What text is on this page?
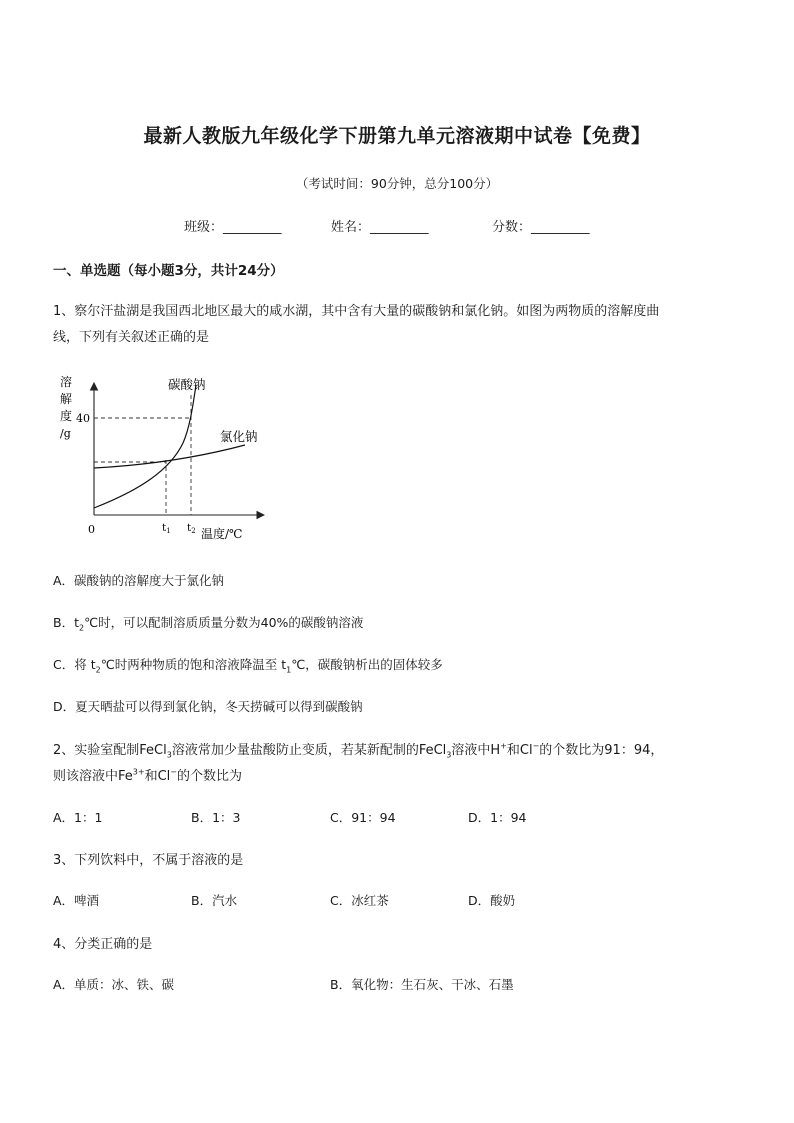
最新人教版九年级化学下册第九单元溶液期中试卷【免费】
（考试时间：90分钟，总分100分）
班级：_________	姓名：_________	分数：_________
一、单选题（每小题3分，共计24分）
1、察尔汗盐湖是我国西北地区最大的咸水湖，其中含有大量的碳酸钠和氯化钠。如图为两物质的溶解度曲
线，下列有关叙述正确的是
溶
解
度
/g
40
碳酸钠
氯化钠
0	t1 t2 温度/℃
A．碳酸钠的溶解度大于氯化钠
B．$t_2℃$时，可以配制溶质质量分数为40%的碳酸钠溶液
C．将 $t_2℃$时两种物质的饱和溶液降温至 $t_1℃$，碳酸钠析出的固体较多
D．夏天晒盐可以得到氯化钠，冬天捞碱可以得到碳酸钠
2、实验室配制FeCl$_3$溶液常加少量盐酸防止变质，若某新配制的FeCl$_3$溶液中H+和Cl−的个数比为91：94，
则该溶液中$Fe^{3+}$和Cl−的个数比为
A．1：1	B．1：3	C．91：94	D．1：94
3、下列饮料中，不属于溶液的是
A．啤酒	B．汽水	C．冰红茶	D．酸奶
4、分类正确的是
A．单质：冰、铁、碳	B．氧化物：生石灰、干冰、石墨
